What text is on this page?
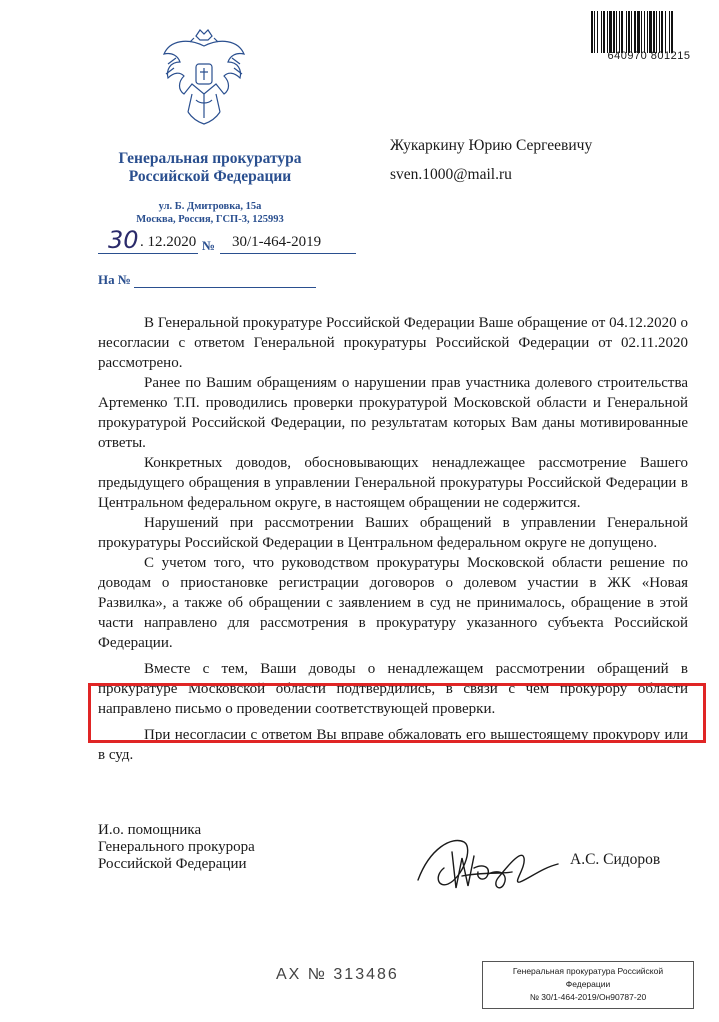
Генеральная прокуратура
Российской Федерации
ул. Б. Дмитровка, 15а
Москва, Россия, ГСП-3, 125993
30 . 12.2020 № 30/1-464-2019
На №
Жукаркину Юрию Сергеевичу
sven.1000@mail.ru
640970 801215

В Генеральной прокуратуре Российской Федерации Ваше обращение от 04.12.2020 о несогласии с ответом Генеральной прокуратуры Российской Федерации от 02.11.2020 рассмотрено.

Ранее по Вашим обращениям о нарушении прав участника долевого строительства Артеменко Т.П. проводились проверки прокуратурой Московской области и Генеральной прокуратурой Российской Федерации, по результатам которых Вам даны мотивированные ответы.

Конкретных доводов, обосновывающих ненадлежащее рассмотрение Вашего предыдущего обращения в управлении Генеральной прокуратуры Российской Федерации в Центральном федеральном округе, в настоящем обращении не содержится.

Нарушений при рассмотрении Ваших обращений в управлении Генеральной прокуратуры Российской Федерации в Центральном федеральном округе не допущено.

С учетом того, что руководством прокуратуры Московской области решение по доводам о приостановке регистрации договоров о долевом участии в ЖК «Новая Развилка», а также об обращении с заявлением в суд не принималось, обращение в этой части направлено для рассмотрения в прокуратуру указанного субъекта Российской Федерации.

Вместе с тем, Ваши доводы о ненадлежащем рассмотрении обращений в прокуратуре Московской области подтвердились, в связи с чем прокурору области направлено письмо о проведении соответствующей проверки.

При несогласии с ответом Вы вправе обжаловать его вышестоящему прокурору или в суд.

И.о. помощника
Генерального прокурора
Российской Федерации	А.С. Сидоров
АХ № 313486	Генеральная прокуратура Российской
Федерации
№ 30/1-464-2019/Он90787-20
